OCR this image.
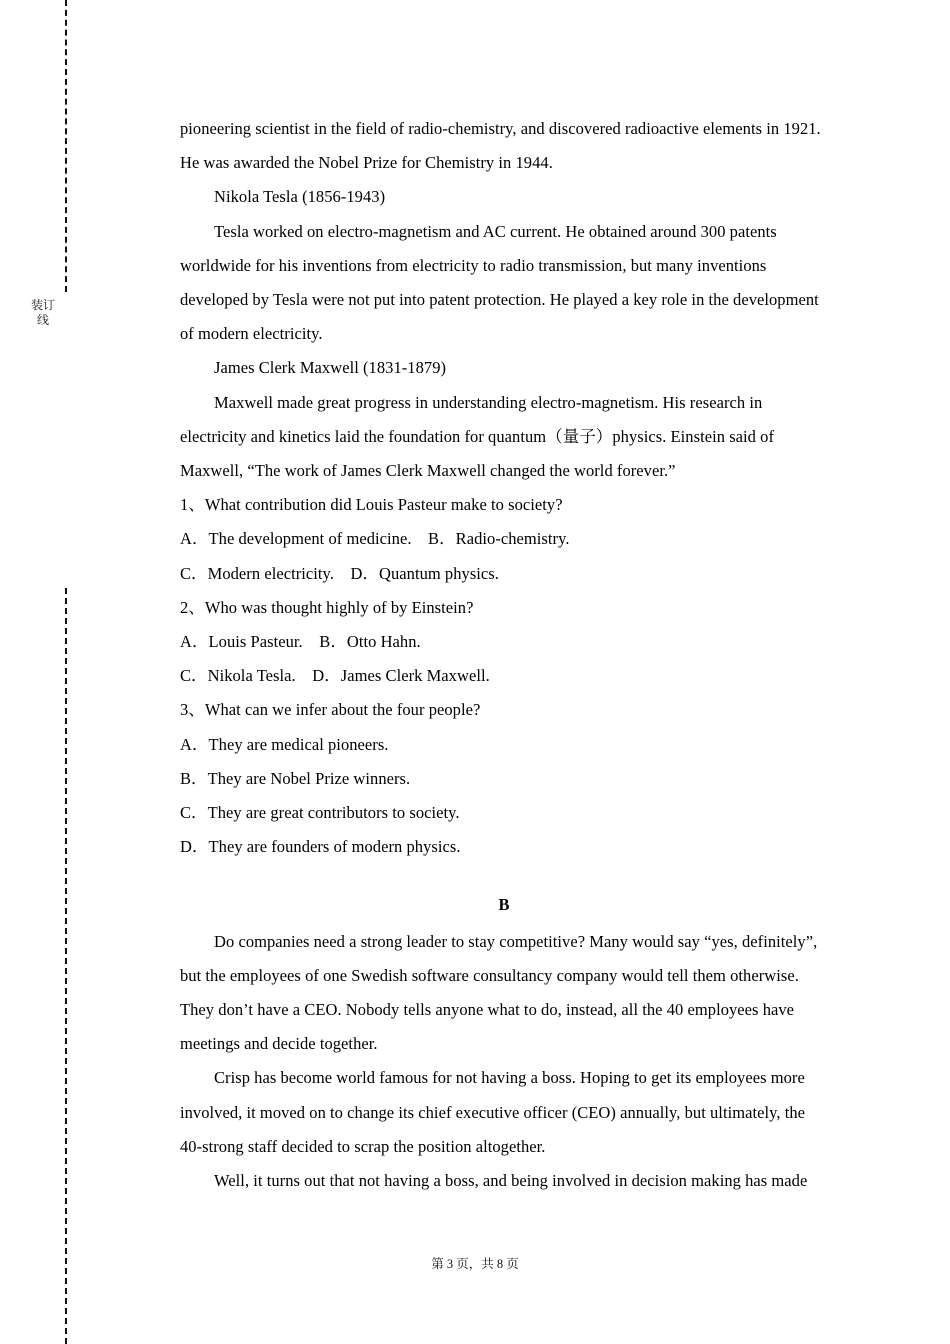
装订线
pioneering scientist in the field of radio-chemistry, and discovered radioactive elements in 1921.
He was awarded the Nobel Prize for Chemistry in 1944.
Nikola Tesla (1856-1943)
Tesla worked on electro-magnetism and AC current. He obtained around 300 patents
worldwide for his inventions from electricity to radio transmission, but many inventions
developed by Tesla were not put into patent protection. He played a key role in the development
of modern electricity.
James Clerk Maxwell (1831-1879)
Maxwell made great progress in understanding electro-magnetism. His research in
electricity and kinetics laid the foundation for quantum（量子）physics. Einstein said of
Maxwell, “The work of James Clerk Maxwell changed the world forever.”
1、What contribution did Louis Pasteur make to society?
A．The development of medicine.　B．Radio-chemistry.
C．Modern electricity.　D．Quantum physics.
2、Who was thought highly of by Einstein?
A．Louis Pasteur.　B．Otto Hahn.
C．Nikola Tesla.　D．James Clerk Maxwell.
3、What can we infer about the four people?
A．They are medical pioneers.
B．They are Nobel Prize winners.
C．They are great contributors to society.
D．They are founders of modern physics.
B
Do companies need a strong leader to stay competitive? Many would say “yes, definitely”,
but the employees of one Swedish software consultancy company would tell them otherwise.
They don’t have a CEO. Nobody tells anyone what to do, instead, all the 40 employees have
meetings and decide together.
Crisp has become world famous for not having a boss. Hoping to get its employees more
involved, it moved on to change its chief executive officer (CEO) annually, but ultimately, the
40-strong staff decided to scrap the position altogether.
Well, it turns out that not having a boss, and being involved in decision making has made
第 3 页，共 8 页
